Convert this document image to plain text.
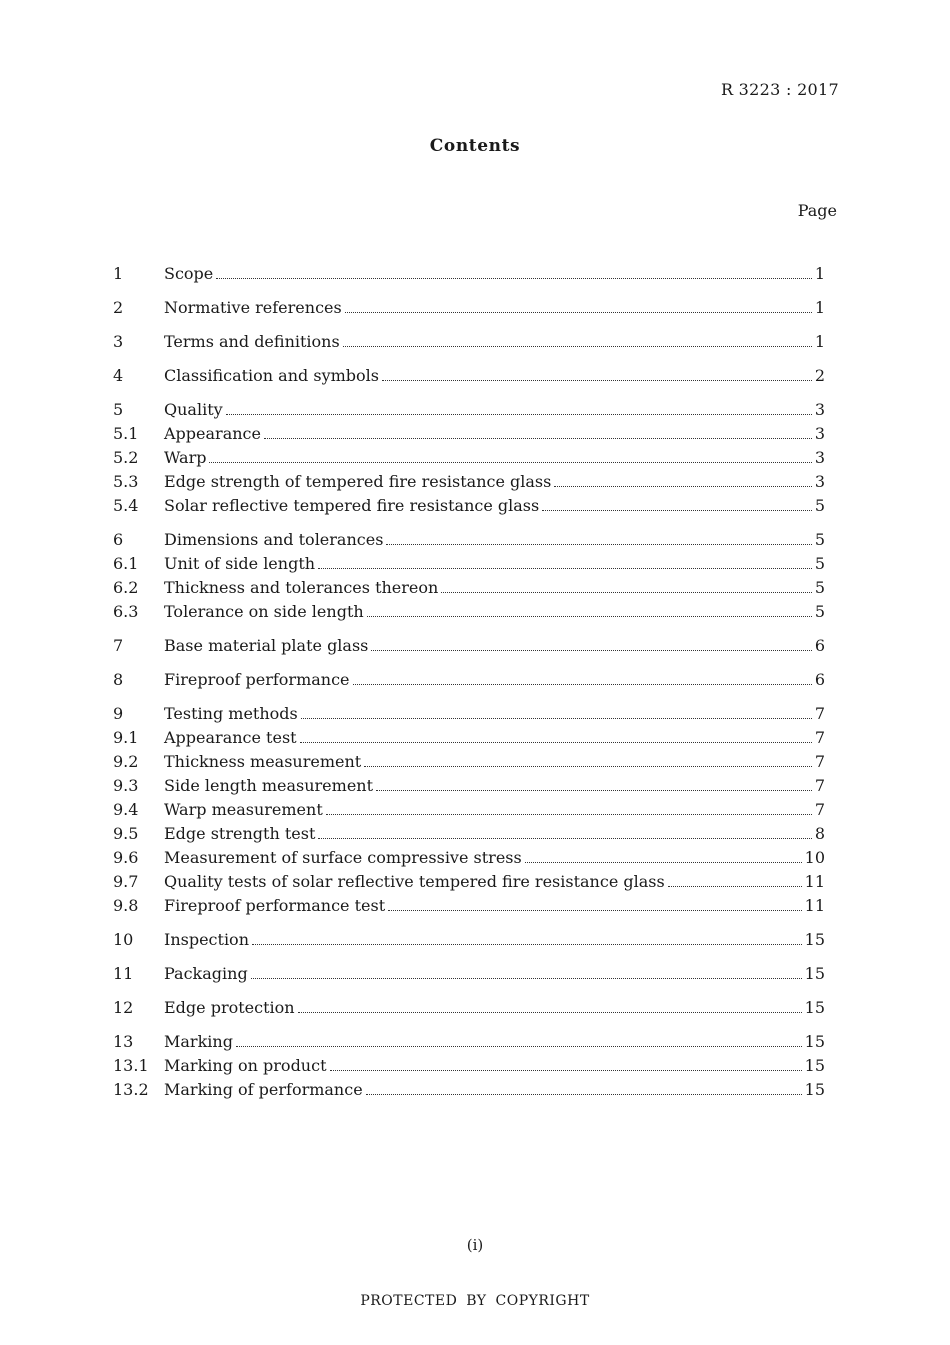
R 3223 : 2017
Contents
Page
1	Scope	1
2	Normative references	1
3	Terms and definitions	1
4	Classification and symbols	2
5	Quality	3
5.1	Appearance	3
5.2	Warp	3
5.3	Edge strength of tempered fire resistance glass	3
5.4	Solar reflective tempered fire resistance glass	5
6	Dimensions and tolerances	5
6.1	Unit of side length	5
6.2	Thickness and tolerances thereon	5
6.3	Tolerance on side length	5
7	Base material plate glass	6
8	Fireproof performance	6
9	Testing methods	7
9.1	Appearance test	7
9.2	Thickness measurement	7
9.3	Side length measurement	7
9.4	Warp measurement	7
9.5	Edge strength test	8
9.6	Measurement of surface compressive stress	10
9.7	Quality tests of solar reflective tempered fire resistance glass	11
9.8	Fireproof performance test	11
10	Inspection	15
11	Packaging	15
12	Edge protection	15
13	Marking	15
13.1 Marking on product	15
13.2 Marking of performance	15
(i)
PROTECTED BY COPYRIGHT
